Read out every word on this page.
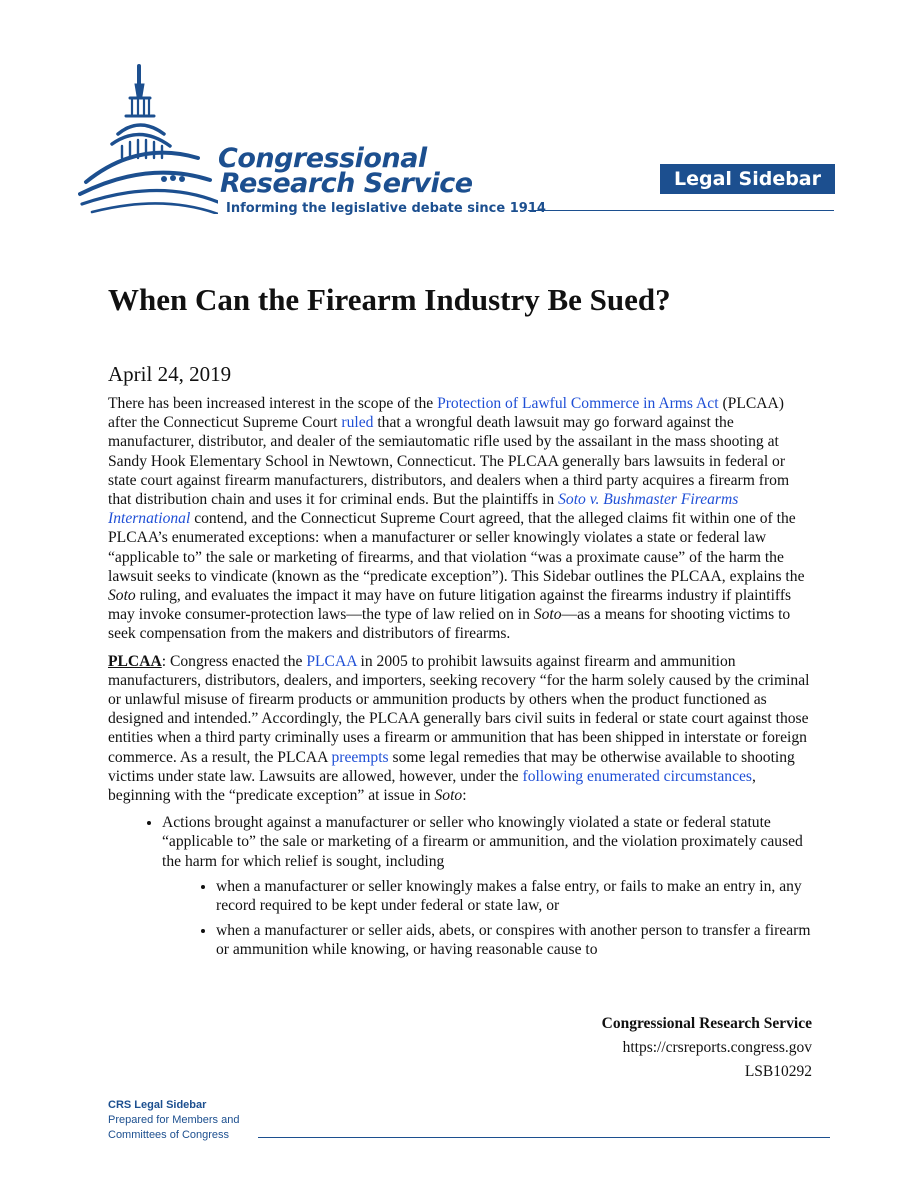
Congressional
Research Service
Informing the legislative debate since 1914
Legal Sidebar
When Can the Firearm Industry Be Sued?
April 24, 2019

There has been increased interest in the scope of the Protection of Lawful Commerce in Arms Act (PLCAA) after the Connecticut Supreme Court ruled that a wrongful death lawsuit may go forward against the manufacturer, distributor, and dealer of the semiautomatic rifle used by the assailant in the mass shooting at Sandy Hook Elementary School in Newtown, Connecticut. The PLCAA generally bars lawsuits in federal or state court against firearm manufacturers, distributors, and dealers when a third party acquires a firearm from that distribution chain and uses it for criminal ends. But the plaintiffs in Soto v. Bushmaster Firearms International contend, and the Connecticut Supreme Court agreed, that the alleged claims fit within one of the PLCAA’s enumerated exceptions: when a manufacturer or seller knowingly violates a state or federal law “applicable to” the sale or marketing of firearms, and that violation “was a proximate cause” of the harm the lawsuit seeks to vindicate (known as the “predicate exception”). This Sidebar outlines the PLCAA, explains the Soto ruling, and evaluates the impact it may have on future litigation against the firearms industry if plaintiffs may invoke consumer-protection laws—the type of law relied on in Soto—as a means for shooting victims to seek compensation from the makers and distributors of firearms.

PLCAA: Congress enacted the PLCAA in 2005 to prohibit lawsuits against firearm and ammunition manufacturers, distributors, dealers, and importers, seeking recovery “for the harm solely caused by the criminal or unlawful misuse of firearm products or ammunition products by others when the product functioned as designed and intended.” Accordingly, the PLCAA generally bars civil suits in federal or state court against those entities when a third party criminally uses a firearm or ammunition that has been shipped in interstate or foreign commerce. As a result, the PLCAA preempts some legal remedies that may be otherwise available to shooting victims under state law. Lawsuits are allowed, however, under the following enumerated circumstances, beginning with the “predicate exception” at issue in Soto:

• Actions brought against a manufacturer or seller who knowingly violated a state or federal statute “applicable to” the sale or marketing of a firearm or ammunition, and the violation proximately caused the harm for which relief is sought, including
• when a manufacturer or seller knowingly makes a false entry, or fails to make an entry in, any record required to be kept under federal or state law, or
• when a manufacturer or seller aids, abets, or conspires with another person to transfer a firearm or ammunition while knowing, or having reasonable cause to
Congressional Research Service
https://crsreports.congress.gov
LSB10292
CRS Legal Sidebar
Prepared for Members and
Committees of Congress
